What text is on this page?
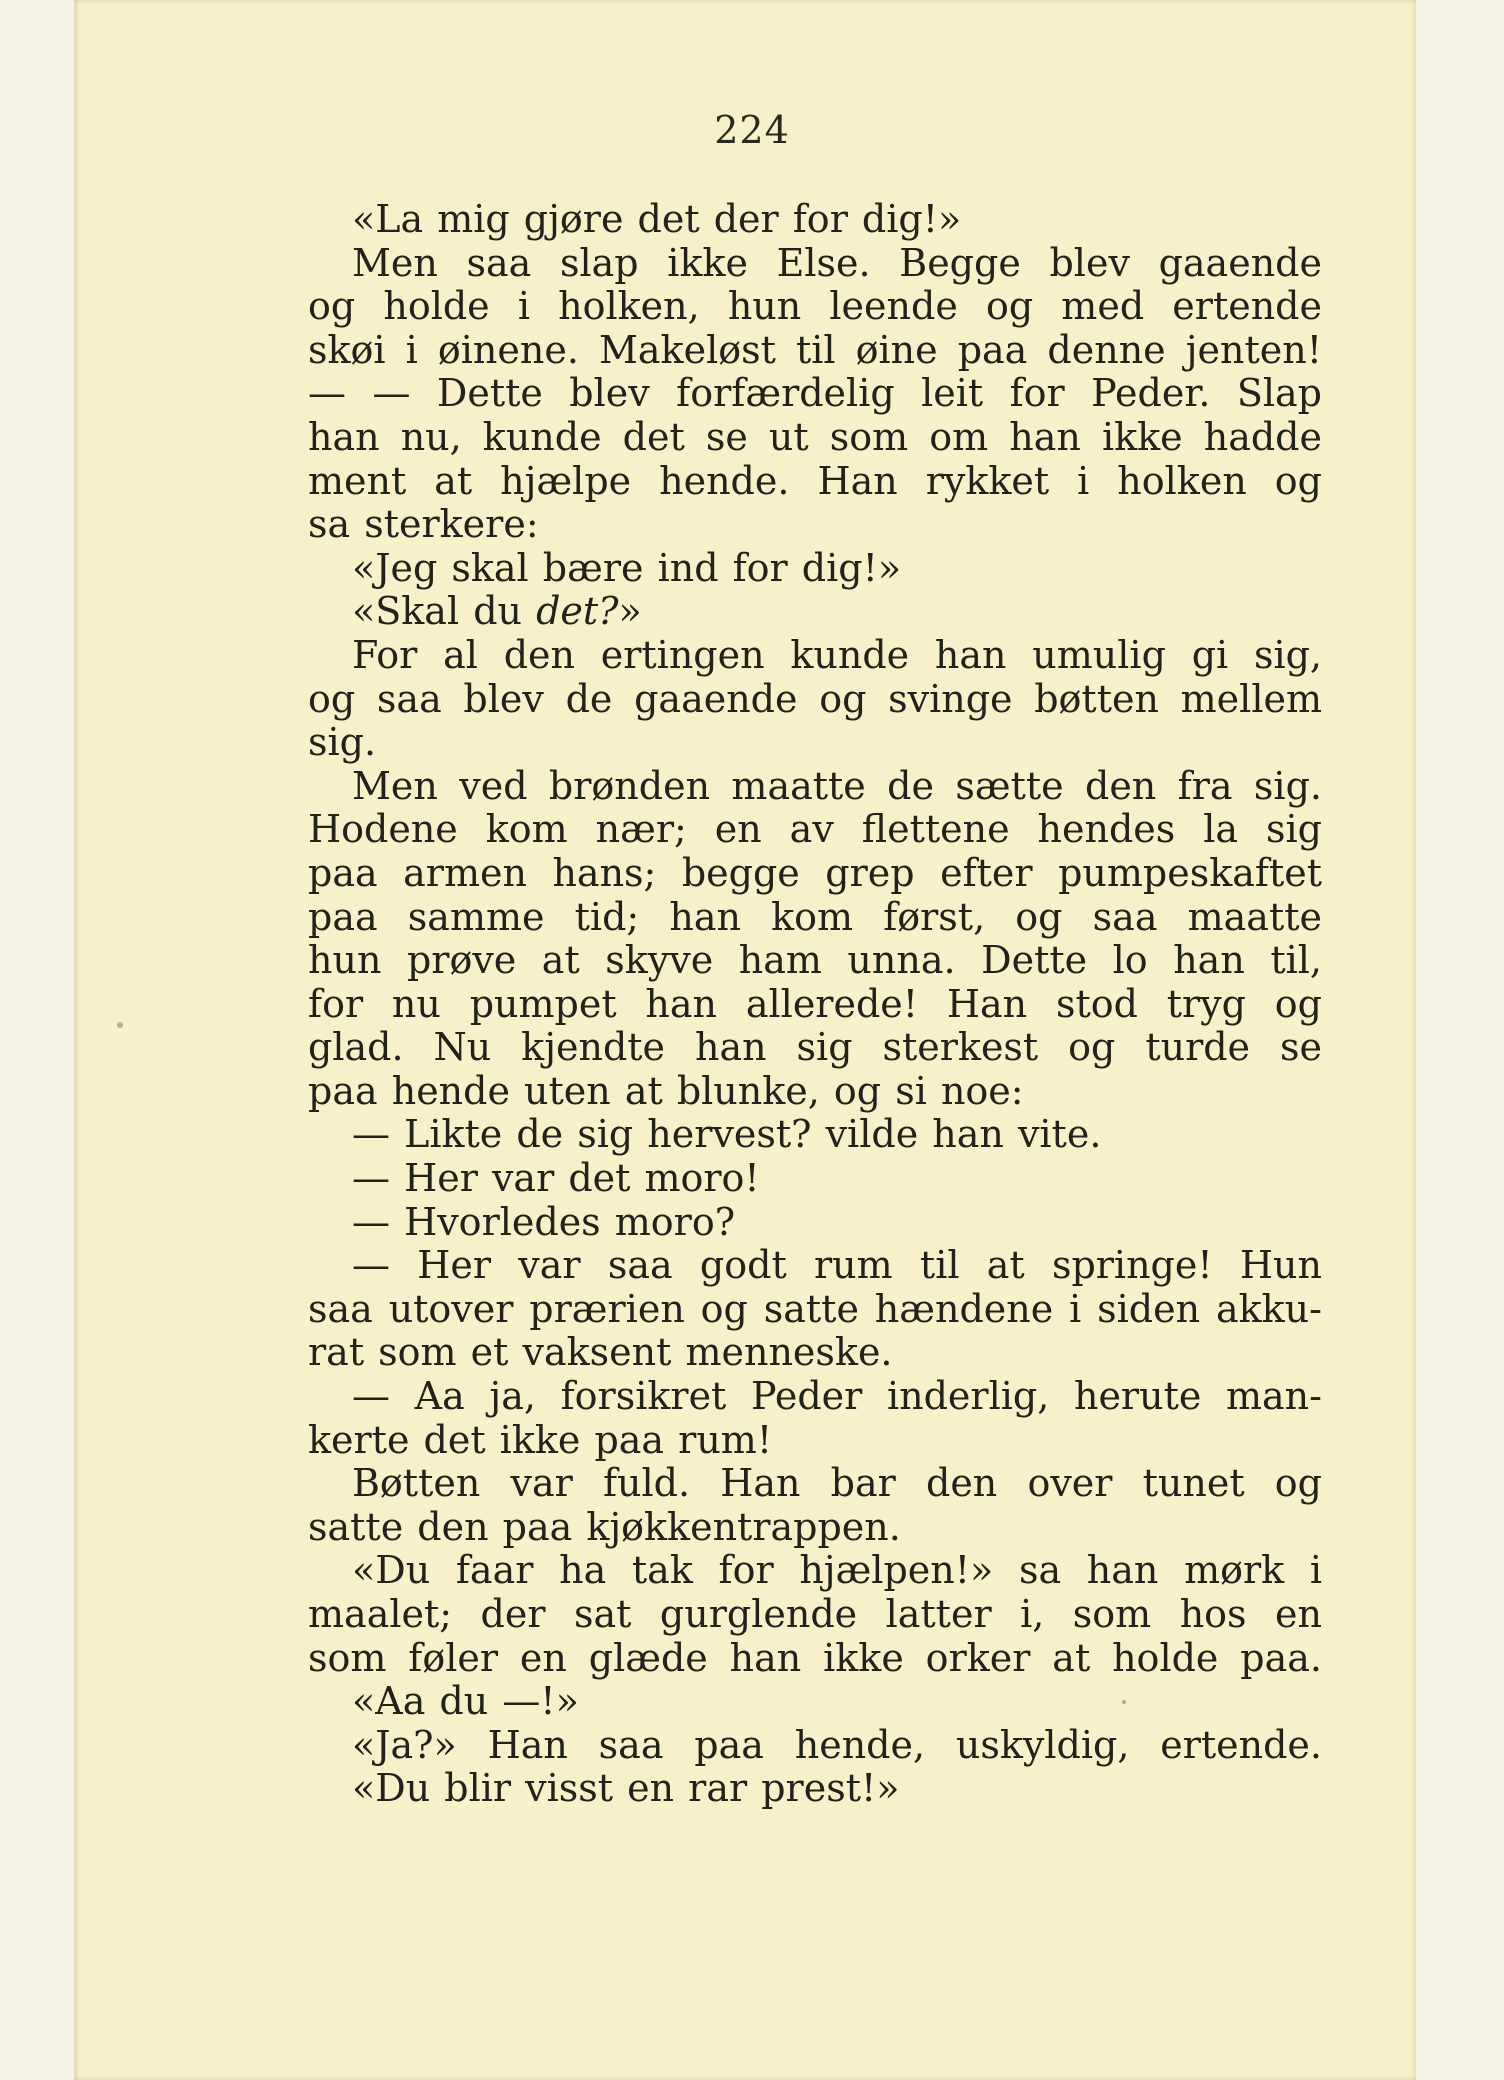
224
«La mig gjøre det der for dig!»
Men saa slap ikke Else. Begge blev gaaende
og holde i holken, hun leende og med ertende
skøi i øinene. Makeløst til øine paa denne jenten!
— — Dette blev forfærdelig leit for Peder. Slap
han nu, kunde det se ut som om han ikke hadde
ment at hjælpe hende. Han rykket i holken og
sa sterkere:
«Jeg skal bære ind for dig!»
«Skal du det?»
For al den ertingen kunde han umulig gi sig,
og saa blev de gaaende og svinge bøtten mellem
sig.
Men ved brønden maatte de sætte den fra sig.
Hodene kom nær; en av flettene hendes la sig
paa armen hans; begge grep efter pumpeskaftet
paa samme tid; han kom først, og saa maatte
hun prøve at skyve ham unna. Dette lo han til,
for nu pumpet han allerede! Han stod tryg og
glad. Nu kjendte han sig sterkest og turde se
paa hende uten at blunke, og si noe:
— Likte de sig hervest? vilde han vite.
— Her var det moro!
— Hvorledes moro?
— Her var saa godt rum til at springe! Hun
saa utover prærien og satte hændene i siden akku-
rat som et vaksent menneske.
— Aa ja, forsikret Peder inderlig, herute man-
kerte det ikke paa rum!
Bøtten var fuld. Han bar den over tunet og
satte den paa kjøkkentrappen.
«Du faar ha tak for hjælpen!» sa han mørk i
maalet; der sat gurglende latter i, som hos en
som føler en glæde han ikke orker at holde paa.
«Aa du —!»
«Ja?» Han saa paa hende, uskyldig, ertende.
«Du blir visst en rar prest!»
